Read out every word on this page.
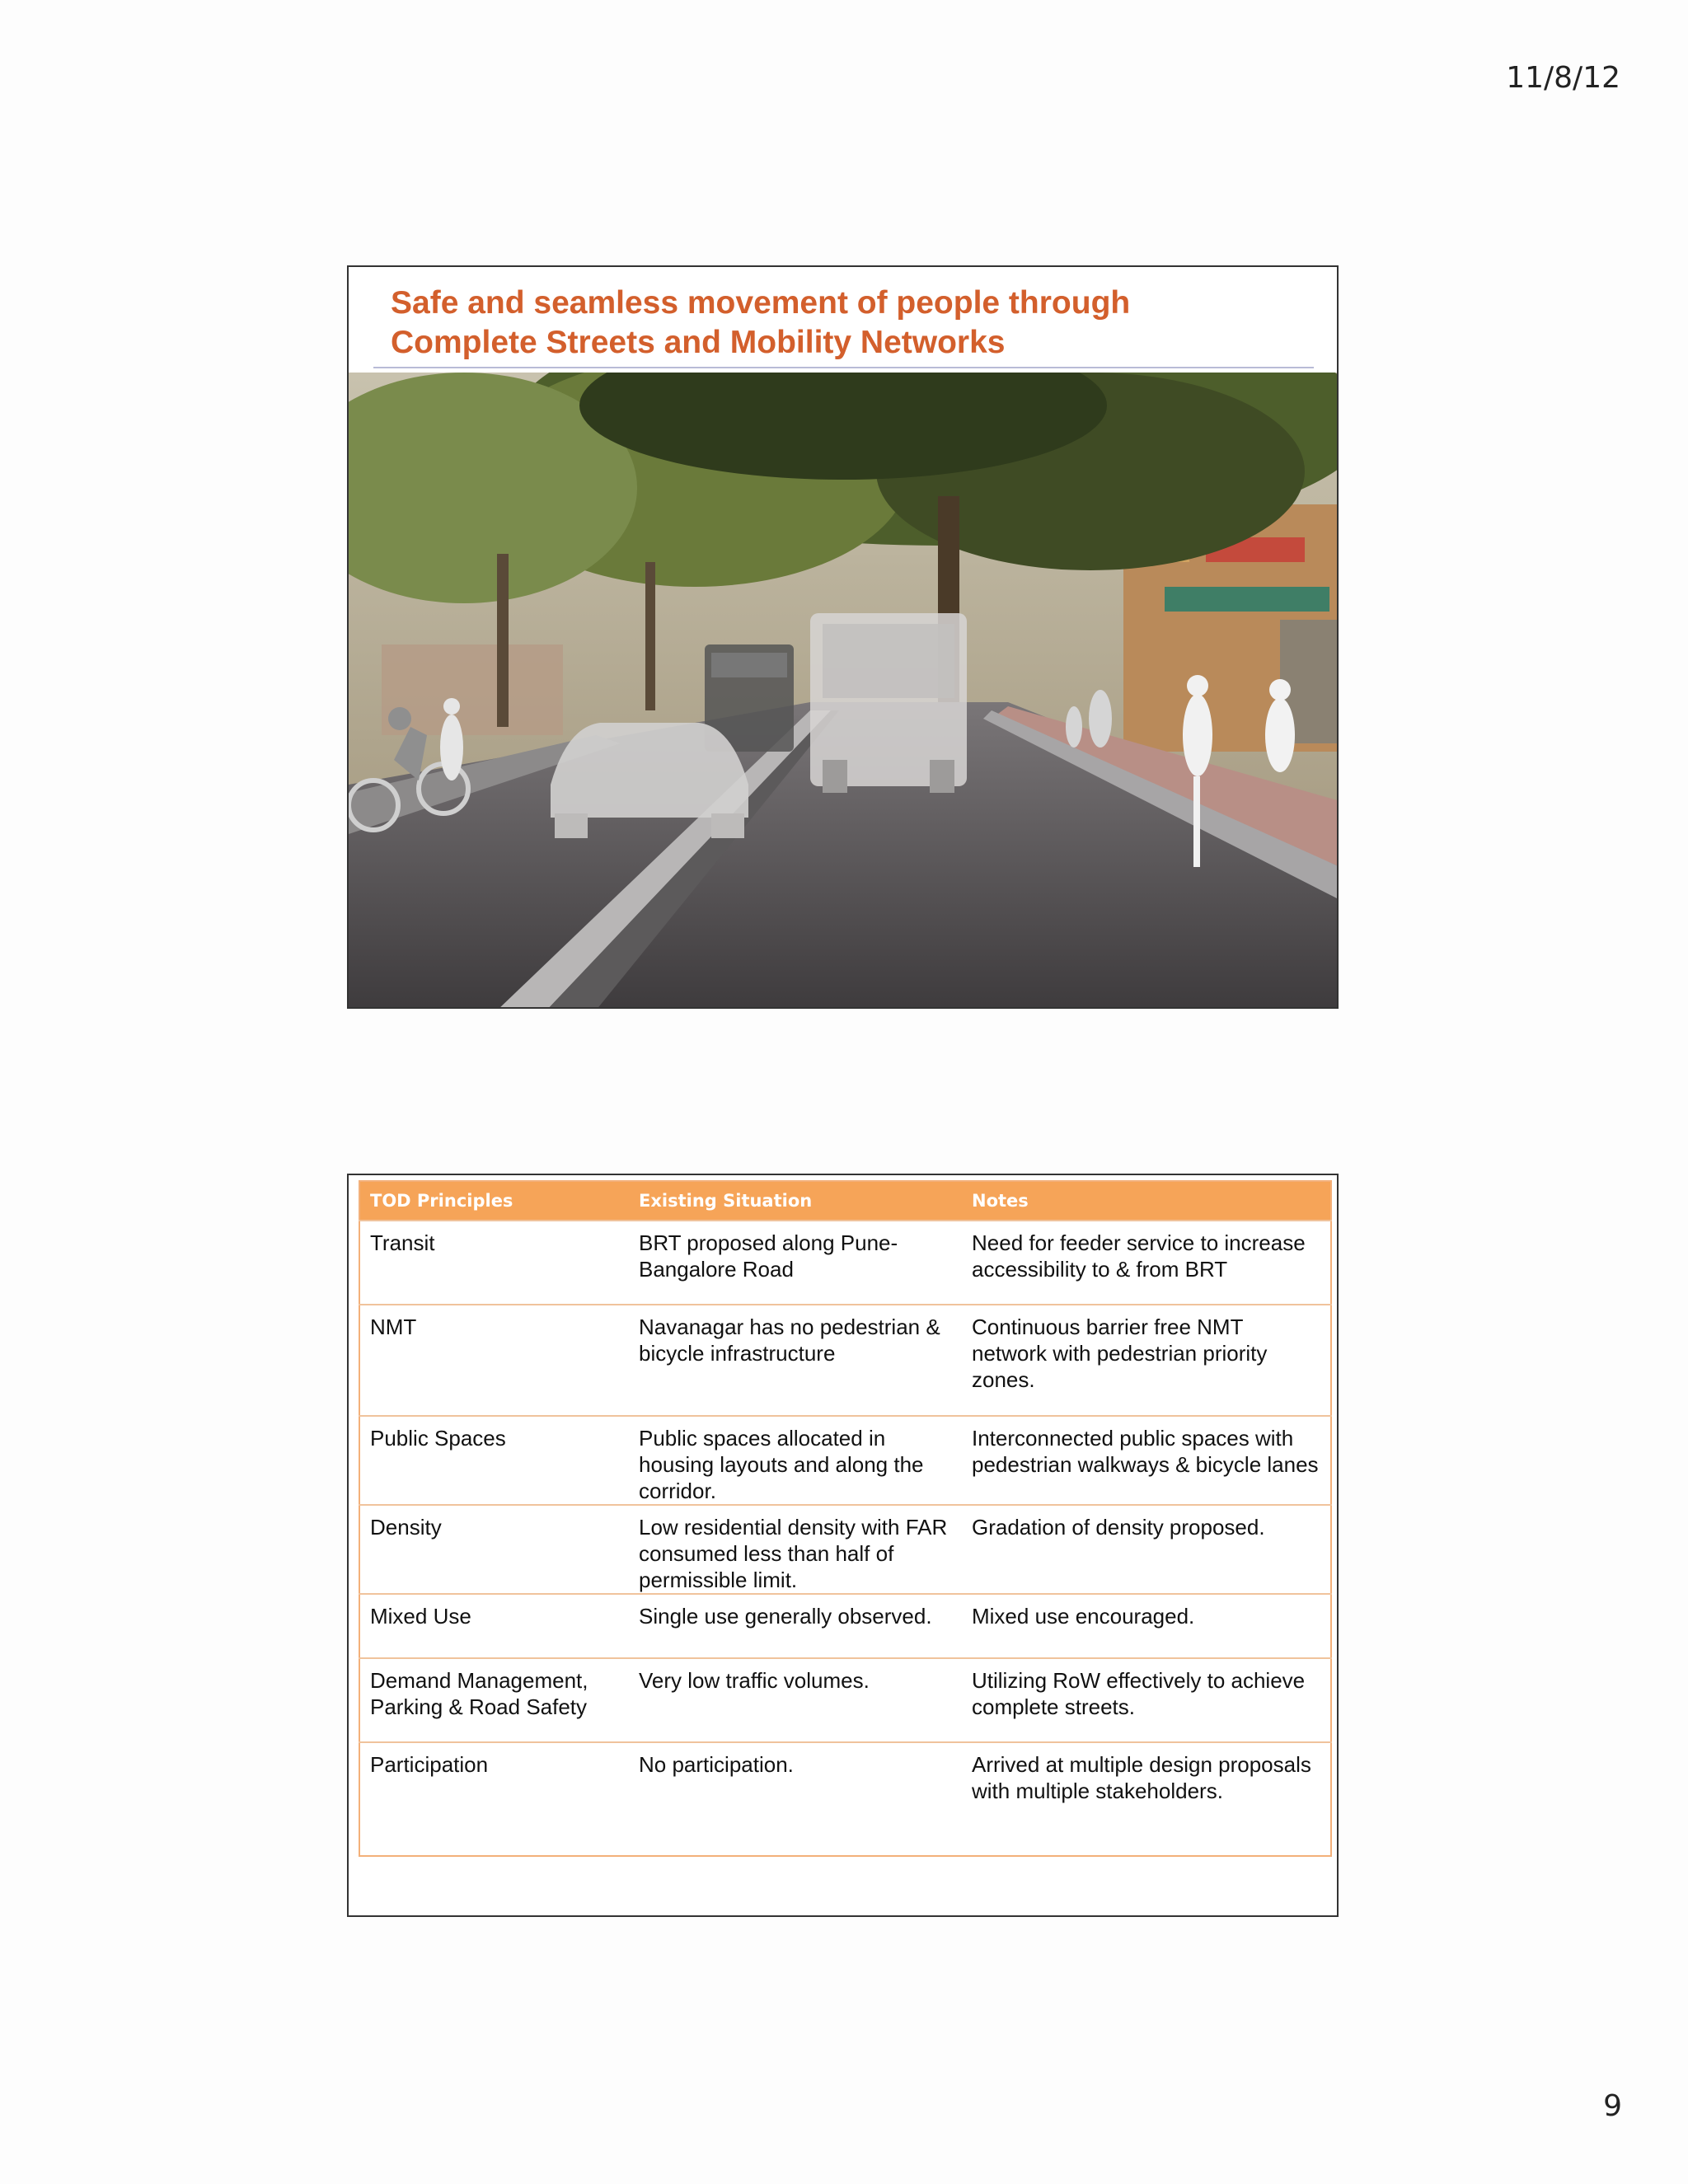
11/8/12
Safe and seamless movement of people through
Complete Streets and Mobility Networks
TOD Principles	Existing Situation	Notes
Transit	BRT proposed along Pune-Bangalore Road	Need for feeder service to increase accessibility to & from BRT
NMT	Navanagar has no pedestrian & bicycle infrastructure	Continuous barrier free NMT network with pedestrian priority zones.
Public Spaces	Public spaces allocated in housing layouts and along the corridor.	Interconnected public spaces with pedestrian walkways & bicycle lanes
Density	Low residential density with FAR consumed less than half of permissible limit.	Gradation of density proposed.
Mixed Use	Single use generally observed.	Mixed use encouraged.
Demand Management, Parking & Road Safety	Very low traffic volumes.	Utilizing RoW effectively to achieve complete streets.
Participation	No participation.	Arrived at multiple design proposals with multiple stakeholders.
9
